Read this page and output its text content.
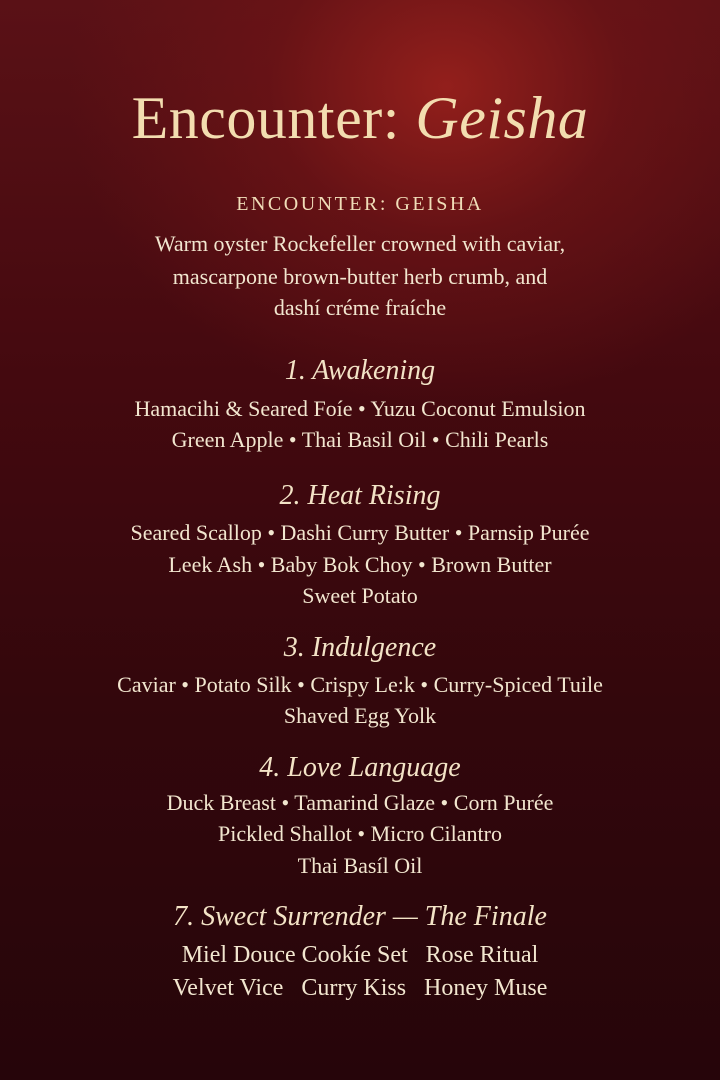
Encounter: Geisha
ENCOUNTER: GEISHA
Warm oyster Rockefeller crowned with caviar,
mascarpone brown-butter herb crumb, and
dashí créme fraíche
1. Awakening
Hamacihi & Seared Foíe • Yuzu Coconut Emulsion
Green Apple • Thai Basil Oil • Chili Pearls
2. Heat Rising
Seared Scallop • Dashi Curry Butter • Parnsip Purée
Leek Ash • Baby Bok Choy • Brown Butter
Sweet Potato
3. Indulgence
Caviar • Potato Silk • Crispy Le:k • Curry-Spiced Tuile
Shaved Egg Yolk
4. Love Language
Duck Breast • Tamarind Glaze • Corn Purée
Pickled Shallot • Micro Cilantro
Thai Basíl Oil
7. Swect Surrender — The Finale
Miel Douce Cookíe Set   Rose Ritual
Velvet Vice   Curry Kiss   Honey Muse
